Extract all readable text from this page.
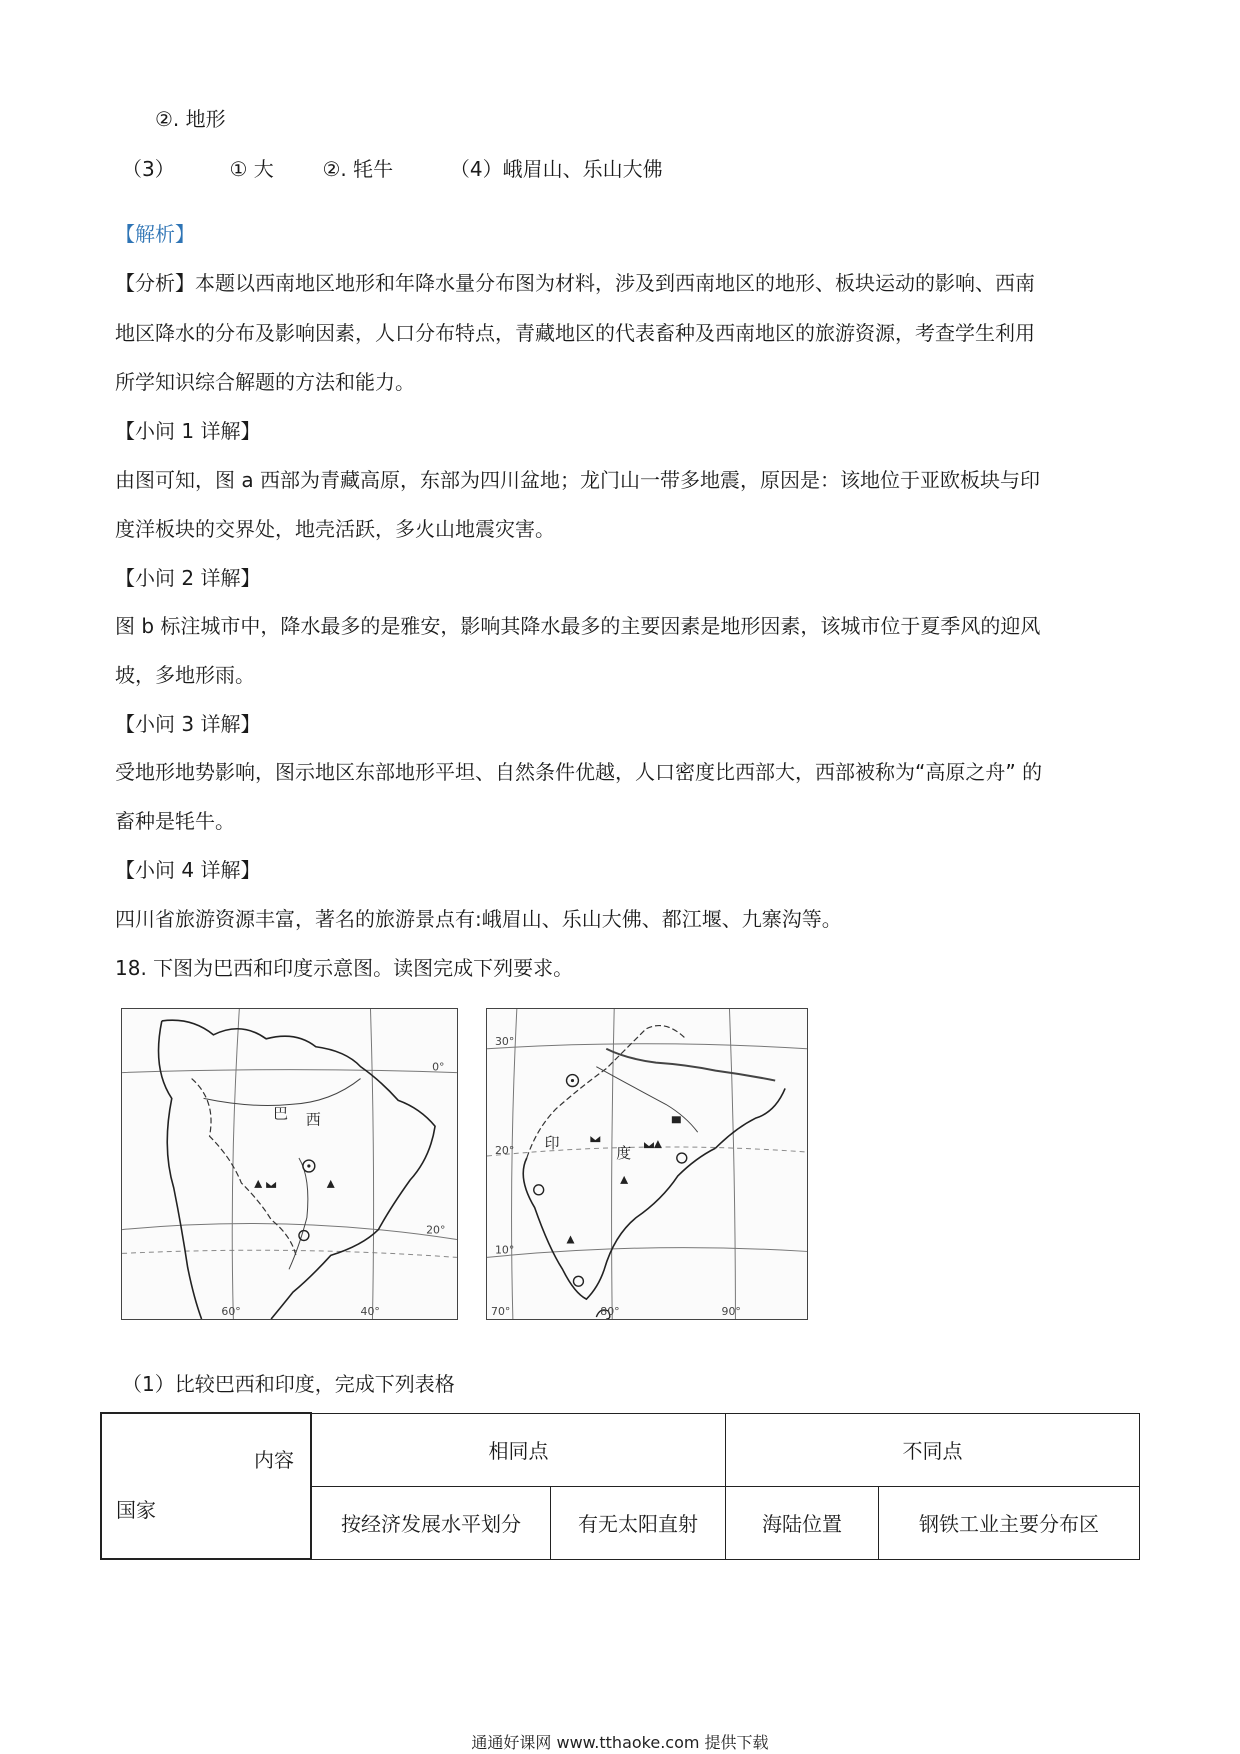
②. 地形
（3）	① 大 ②. 牦牛	（4）峨眉山、乐山大佛
【解析】
【分析】本题以西南地区地形和年降水量分布图为材料，涉及到西南地区的地形、板块运动的影响、西南
地区降水的分布及影响因素，人口分布特点，青藏地区的代表畜种及西南地区的旅游资源，考查学生利用
所学知识综合解题的方法和能力。
【小问 1 详解】
由图可知，图 a 西部为青藏高原，东部为四川盆地；龙门山一带多地震，原因是：该地位于亚欧板块与印
度洋板块的交界处，地壳活跃，多火山地震灾害。
【小问 2 详解】
图 b 标注城市中，降水最多的是雅安，影响其降水最多的主要因素是地形因素，该城市位于夏季风的迎风
坡，多地形雨。
【小问 3 详解】
受地形地势影响，图示地区东部地形平坦、自然条件优越，人口密度比西部大，西部被称为“高原之舟” 的
畜种是牦牛。
【小问 4 详解】
四川省旅游资源丰富，著名的旅游景点有:峨眉山、乐山大佛、都江堰、九寨沟等。
18. 下图为巴西和印度示意图。读图完成下列要求。
巴 西
0°
20°
60°	40°
印
度
30°
20°
10°
70°	80°	90°
（1）比较巴西和印度，完成下列表格
内容
国家	相同点		不同点	
	按经济发展水平划分	有无太阳直射	海陆位置	钢铁工业主要分布区
通通好课网 www.tthaoke.com 提供下载
